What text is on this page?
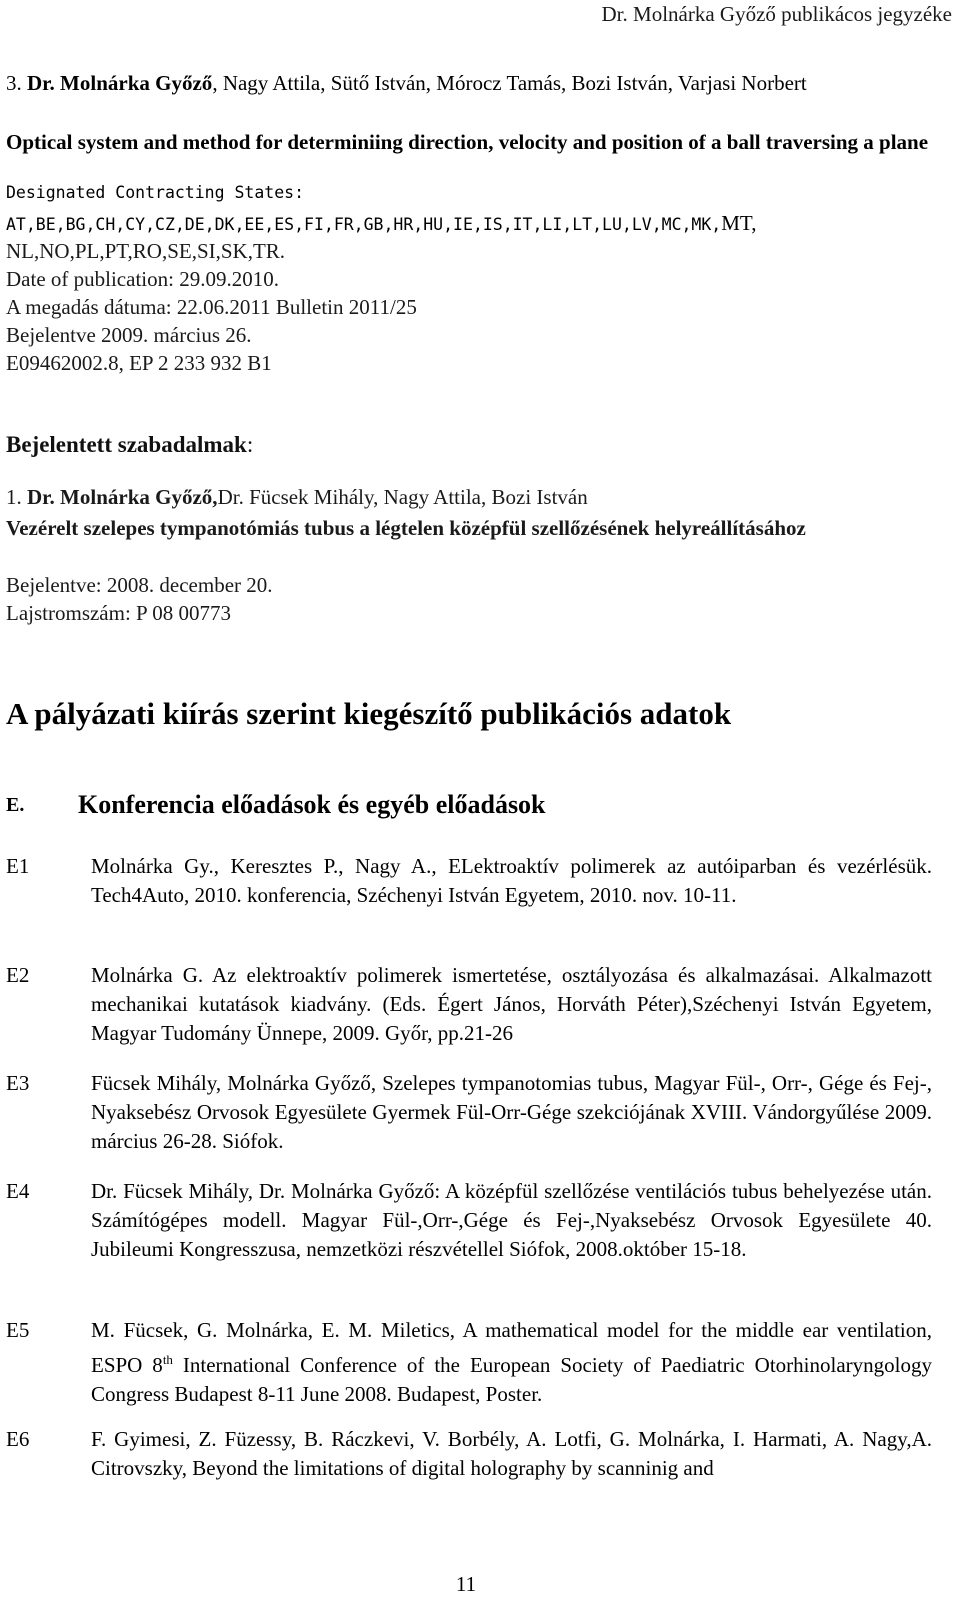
Dr. Molnárka Győző publikácos jegyzéke
3. Dr. Molnárka Győző, Nagy Attila, Sütő István, Mórocz Tamás, Bozi István, Varjasi Norbert
Optical system and method for determiniing direction, velocity and position of a ball traversing a plane
Designated Contracting States:
AT,BE,BG,CH,CY,CZ,DE,DK,EE,ES,FI,FR,GB,HR,HU,IE,IS,IT,LI,LT,LU,LV,MC,MK,MT,
NL,NO,PL,PT,RO,SE,SI,SK,TR.
Date of publication: 29.09.2010.
A megadás dátuma: 22.06.2011 Bulletin 2011/25
Bejelentve 2009. március 26.
E09462002.8, EP 2 233 932 B1
Bejelentett szabadalmak:
1. Dr. Molnárka Győző,Dr. Fücsek Mihály, Nagy Attila, Bozi István
Vezérelt szelepes tympanotómiás tubus a légtelen középfül szellőzésének helyreállításához
Bejelentve: 2008. december 20.
Lajstromszám: P 08 00773
A pályázati kiírás szerint kiegészítő publikációs adatok
E. Konferencia előadások és egyéb előadások
E1	Molnárka Gy., Keresztes P., Nagy A., ELektroaktív polimerek az autóiparban és vezérlésük. Tech4Auto, 2010. konferencia, Széchenyi István Egyetem, 2010. nov. 10-11.
E2	Molnárka G. Az elektroaktív polimerek ismertetése, osztályozása és alkalmazásai. Alkalmazott mechanikai kutatások kiadvány. (Eds. Égert János, Horváth Péter),Széchenyi István Egyetem, Magyar Tudomány Ünnepe, 2009. Győr, pp.21-26
E3	Fücsek Mihály, Molnárka Győző, Szelepes tympanotomias tubus, Magyar Fül-, Orr-, Gége és Fej-, Nyaksebész Orvosok Egyesülete Gyermek Fül-Orr-Gége szekciójának XVIII. Vándorgyűlése 2009. március 26-28. Siófok.
E4	Dr. Fücsek Mihály, Dr. Molnárka Győző: A középfül szellőzése ventilációs tubus behelyezése után. Számítógépes modell. Magyar Fül-,Orr-,Gége és Fej-,Nyaksebész Orvosok Egyesülete 40. Jubileumi Kongresszusa, nemzetközi részvétellel Siófok, 2008.október 15-18.
E5	M. Fücsek, G. Molnárka, E. M. Miletics, A mathematical model for the middle ear ventilation, ESPO 8th International Conference of the European Society of Paediatric Otorhinolaryngology Congress Budapest 8-11 June 2008. Budapest, Poster.
E6	F. Gyimesi, Z. Füzessy, B. Ráczkevi, V. Borbély, A. Lotfi, G. Molnárka, I. Harmati, A. Nagy,A. Citrovszky, Beyond the limitations of digital holography by scanninig and
11
